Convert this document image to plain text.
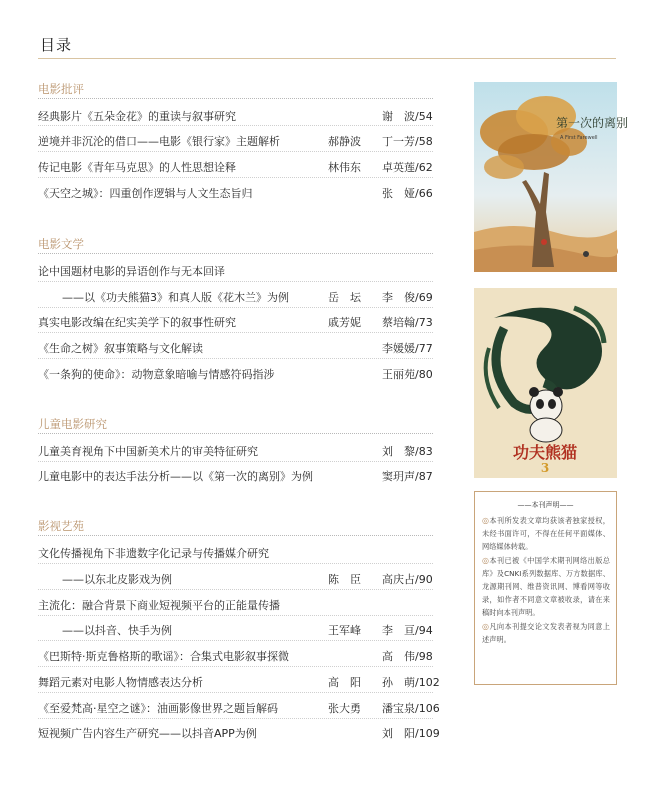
目录
电影批评
经典影片《五朵金花》的重读与叙事研究	谢　波/54
逆境并非沉沦的借口——电影《银行家》主题解析	郝静波 丁一芳/58
传记电影《青年马克思》的人性思想诠释	林伟东 卓英莲/62
《天空之城》：四重创作逻辑与人文生态旨归	张　娅/66
电影文学
论中国题材电影的异语创作与无本回译
——以《功夫熊猫3》和真人版《花木兰》为例	岳　坛 李　俊/69
真实电影改编在纪实美学下的叙事性研究	戚芳妮 蔡培翰/73
《生命之树》叙事策略与文化解读	李媛媛/77
《一条狗的使命》：动物意象暗喻与情感符码指涉	王丽苑/80
儿童电影研究
儿童美育视角下中国新美术片的审美特征研究	刘　黎/83
儿童电影中的表达手法分析——以《第一次的离别》为例	窦玥声/87
影视艺苑
文化传播视角下非遗数字化记录与传播媒介研究
——以东北皮影戏为例	陈　臣 高庆占/90
主流化：融合背景下商业短视频平台的正能量传播
——以抖音、快手为例	王军峰 李　亘/94
《巴斯特·斯克鲁格斯的歌谣》：合集式电影叙事探微	高　伟/98
舞蹈元素对电影人物情感表达分析	高　阳 孙　萌/102
《至爱梵高·星空之谜》：油画影像世界之题旨解码	张大勇 潘宝泉/106
短视频广告内容生产研究——以抖音APP为例	刘　阳/109
第一次的离别
A First Farewell
功夫熊猫
3
——本刊声明——

◎本刊所发表文章均获该者独家授权，未经书面许可，不得在任何平面媒体、网络媒体转载。

◎本刊已被《中国学术期刊网络出版总库》及CNKI系列数据库、万方数据库、龙源期刊网、维普资讯网、博看网等收录，如作者不同意文章被收录，请在来稿时向本刊声明。

◎凡向本刊提交论文发表者视为同意上述声明。
